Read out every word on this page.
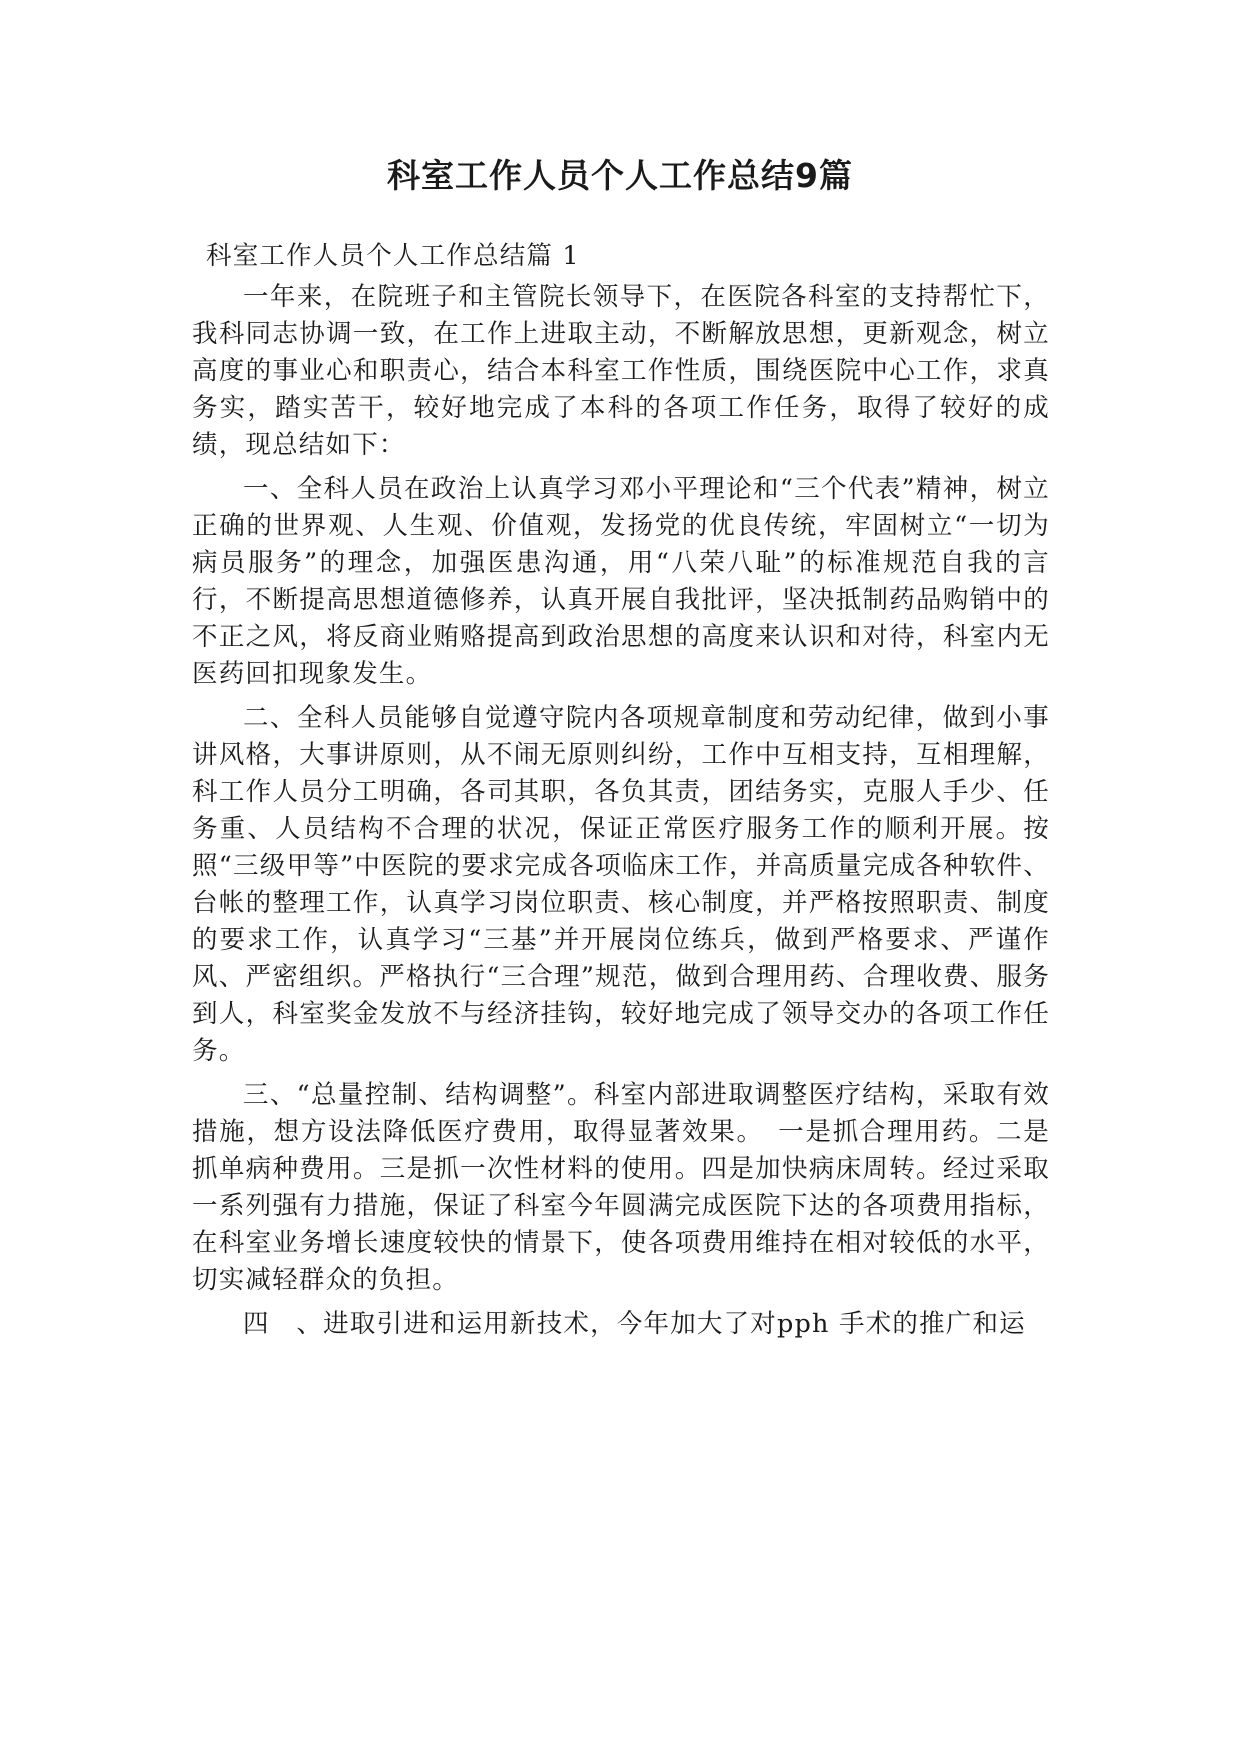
科室工作人员个人工作总结9篇

科室工作人员个人工作总结篇 1

一年来，在院班子和主管院长领导下，在医院各科室的支持帮忙下，我科同志协调一致，在工作上进取主动，不断解放思想，更新观念，树立高度的事业心和职责心，结合本科室工作性质，围绕医院中心工作，求真务实，踏实苦干，较好地完成了本科的各项工作任务，取得了较好的成绩，现总结如下：

一、全科人员在政治上认真学习邓小平理论和“三个代表”精神，树立正确的世界观、人生观、价值观，发扬党的优良传统，牢固树立“一切为病员服务”的理念，加强医患沟通，用“八荣八耻”的标准规范自我的言行，不断提高思想道德修养，认真开展自我批评，坚决抵制药品购销中的不正之风，将反商业贿赂提高到政治思想的高度来认识和对待，科室内无医药回扣现象发生。

二、全科人员能够自觉遵守院内各项规章制度和劳动纪律，做到小事讲风格，大事讲原则，从不闹无原则纠纷，工作中互相支持，互相理解，科工作人员分工明确，各司其职，各负其责，团结务实，克服人手少、任务重、人员结构不合理的状况，保证正常医疗服务工作的顺利开展。按照“三级甲等”中医院的要求完成各项临床工作，并高质量完成各种软件、台帐的整理工作，认真学习岗位职责、核心制度，并严格按照职责、制度的要求工作，认真学习“三基”并开展岗位练兵，做到严格要求、严谨作风、严密组织。严格执行“三合理”规范，做到合理用药、合理收费、服务到人，科室奖金发放不与经济挂钩，较好地完成了领导交办的各项工作任务。

三、“总量控制、结构调整”。科室内部进取调整医疗结构，采取有效措施，想方设法降低医疗费用，取得显著效果。　一是抓合理用药。二是抓单病种费用。三是抓一次性材料的使用。四是加快病床周转。经过采取一系列强有力措施，保证了科室今年圆满完成医院下达的各项费用指标，在科室业务增长速度较快的情景下，使各项费用维持在相对较低的水平，切实减轻群众的负担。

四　、进取引进和运用新技术，今年加大了对pph 手术的推广和运
